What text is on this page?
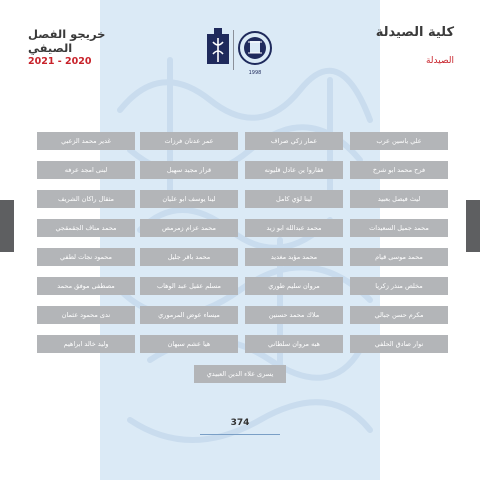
كلية الصيدلة
الصيدلة
خريجو الفصل الصيفي
2021 - 2020
1998
علي ياسين عرب
عمار زكي صراف
عمر عدنان فرزات
غدير محمد الزعبي
فرح محمد ابو شرخ
فقاروا ين عادل قليونه
قرار مجيد سهيل
لبنى امجد عرفه
ليث فيصل بعبيد
لينا لؤي كامل
لينا يوسف ابو عليان
مثقال راكان الشريف
محمد جميل السعيدات
محمد عبدالله ابو زيد
محمد عزام زمرمص
محمد مناف الجقمقجي
محمد موسى قيام
محمد مؤيد مغديد
محمد باقر جليل
محمود نجات لطفي
مخلص منذر زكريا
مروان سليم طوري
مسلم عقيل عبد الوهاب
مصطفى موفق محمد
مكرم حسن جبالي
ملاك محمد حسنين
ميساء عوض المرموري
ندى محمود عثمان
نوار صادق الحلفي
هبه مروان سلطاني
هيا عشم سبهان
وليد خالد ابراهيم
يسرى علاء الدين العبيدي
374
